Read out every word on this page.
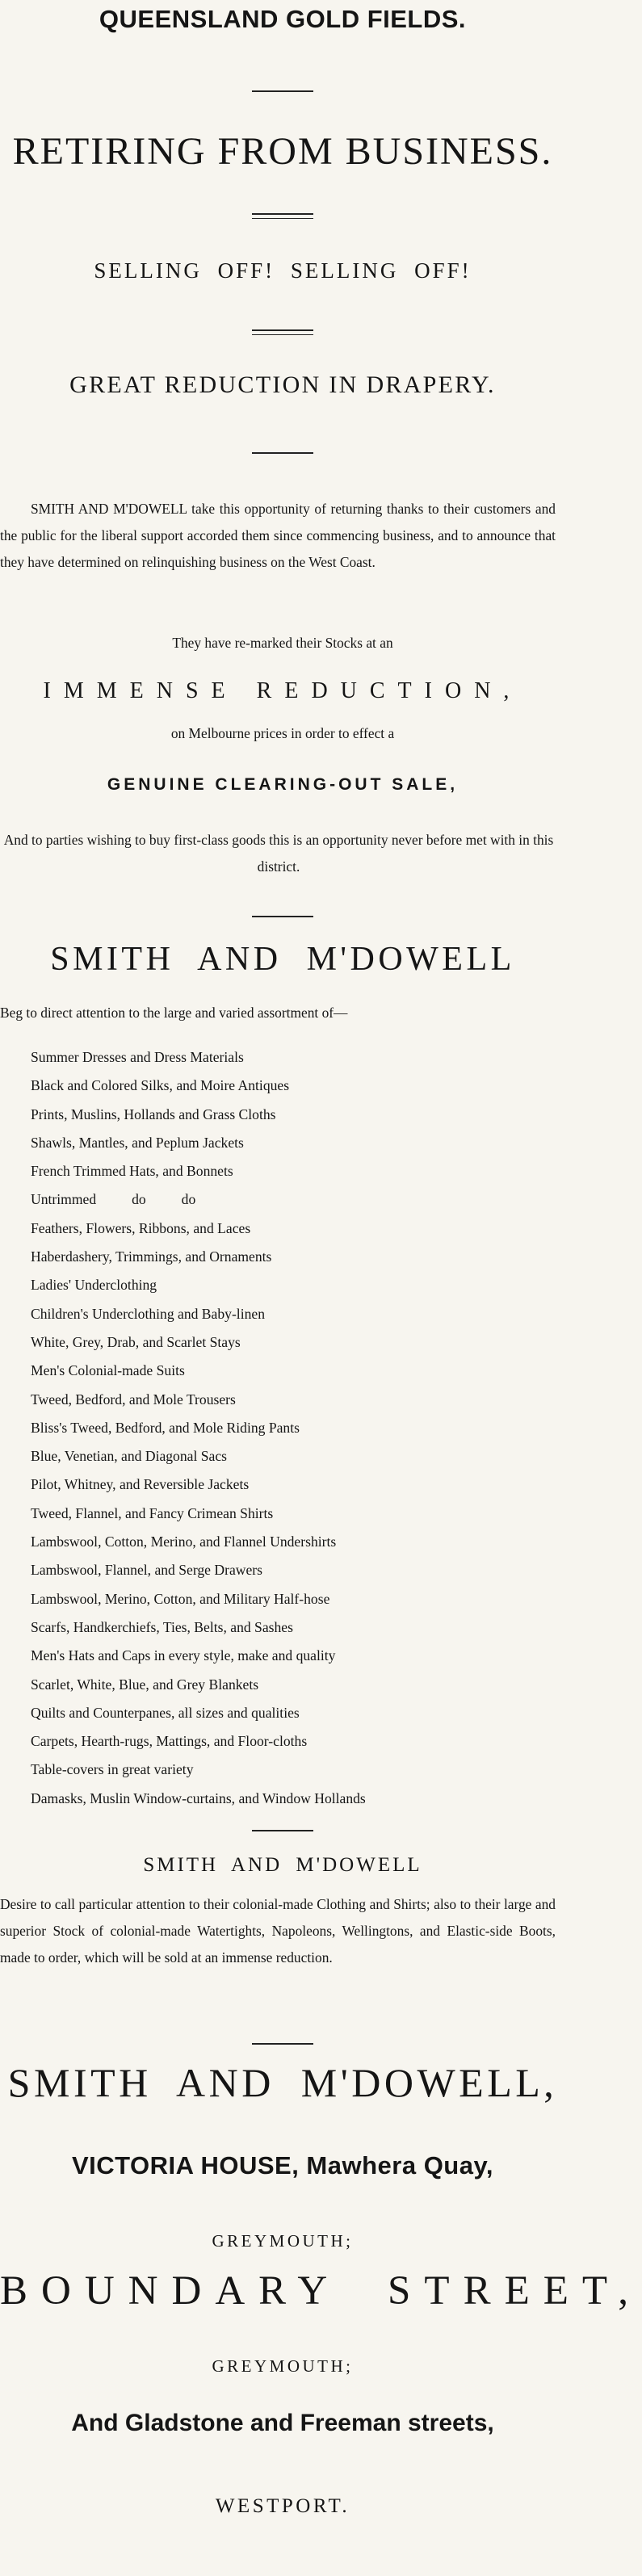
QUEENSLAND GOLD FIELDS.
RETIRING FROM BUSINESS.
SELLING OFF! SELLING OFF!
GREAT REDUCTION IN DRAPERY.
SMITH AND M'DOWELL take this opportunity of returning thanks to their customers and the public for the liberal support accorded them since commencing business, and to announce that they have determined on relinquishing business on the West Coast.
They have re-marked their Stocks at an
IMMENSE REDUCTION,
on Melbourne prices in order to effect a
GENUINE CLEARING-OUT SALE,
And to parties wishing to buy first-class goods this is an opportunity never before met with in this district.
SMITH AND M'DOWELL
Beg to direct attention to the large and varied assortment of—
Summer Dresses and Dress Materials
Black and Colored Silks, and Moire Antiques
Prints, Muslins, Hollands and Grass Cloths
Shawls, Mantles, and Peplum Jackets
French Trimmed Hats, and Bonnets
Untrimmed          do          do
Feathers, Flowers, Ribbons, and Laces
Haberdashery, Trimmings, and Ornaments
Ladies' Underclothing
Children's Underclothing and Baby-linen
White, Grey, Drab, and Scarlet Stays
Men's Colonial-made Suits
Tweed, Bedford, and Mole Trousers
Bliss's Tweed, Bedford, and Mole Riding Pants
Blue, Venetian, and Diagonal Sacs
Pilot, Whitney, and Reversible Jackets
Tweed, Flannel, and Fancy Crimean Shirts
Lambswool, Cotton, Merino, and Flannel Undershirts
Lambswool, Flannel, and Serge Drawers
Lambswool, Merino, Cotton, and Military Half-hose
Scarfs, Handkerchiefs, Ties, Belts, and Sashes
Men's Hats and Caps in every style, make and quality
Scarlet, White, Blue, and Grey Blankets
Quilts and Counterpanes, all sizes and qualities
Carpets, Hearth-rugs, Mattings, and Floor-cloths
Table-covers in great variety
Damasks, Muslin Window-curtains, and Window Hollands
SMITH AND M'DOWELL
Desire to call particular attention to their colonial-made Clothing and Shirts; also to their large and superior Stock of colonial-made Watertights, Napoleons, Wellingtons, and Elastic-side Boots, made to order, which will be sold at an immense reduction.
SMITH AND M'DOWELL,
VICTORIA HOUSE, Mawhera Quay,
GREYMOUTH;
BOUNDARY STREET,
GREYMOUTH;
And Gladstone and Freeman streets,
WESTPORT.
